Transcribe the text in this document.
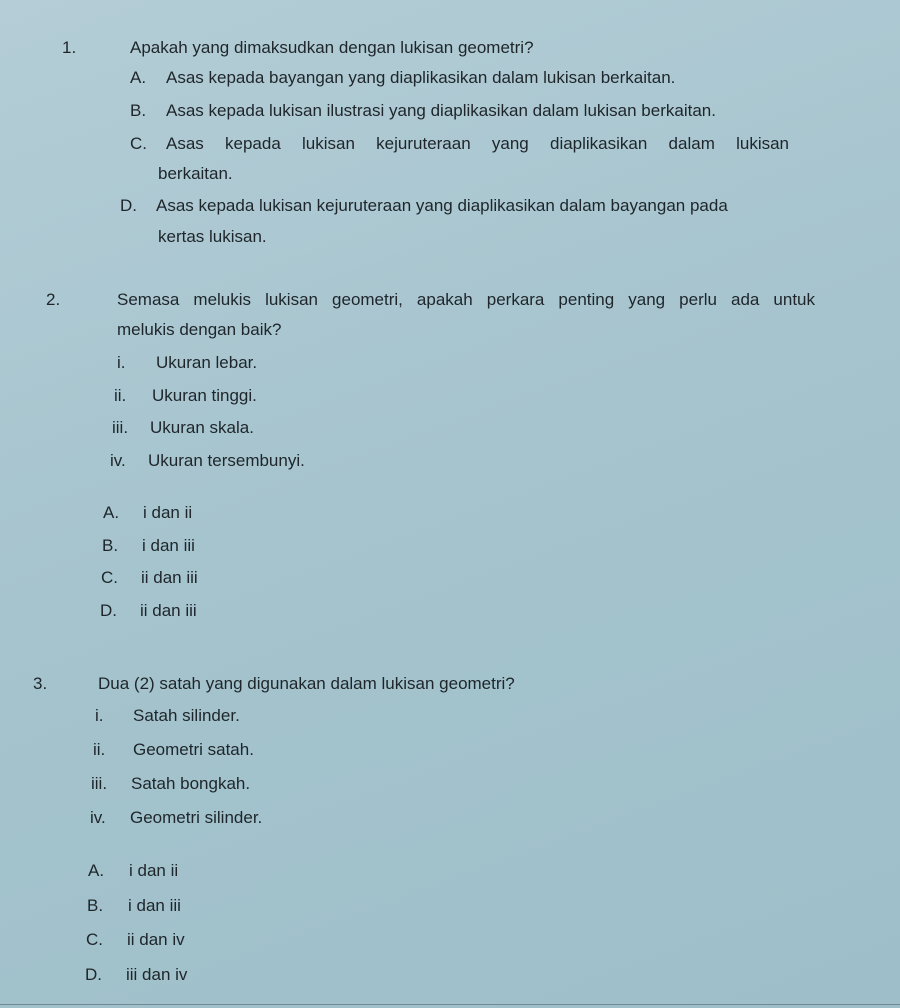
1.	Apakah yang dimaksudkan dengan lukisan geometri?
A. Asas kepada bayangan yang diaplikasikan dalam lukisan berkaitan.
B. Asas kepada lukisan ilustrasi yang diaplikasikan dalam lukisan berkaitan.
C. Asas kepada lukisan kejuruteraan yang diaplikasikan dalam lukisan
berkaitan.
D. Asas kepada lukisan kejuruteraan yang diaplikasikan dalam bayangan pada
kertas lukisan.
2.	Semasa melukis lukisan geometri, apakah perkara penting yang perlu ada untuk
melukis dengan baik?
i. Ukuran lebar.
ii. Ukuran tinggi.
iii. Ukuran skala.
iv. Ukuran tersembunyi.
A. i dan ii
B. i dan iii
C. ii dan iii
D. ii dan iii
3.	Dua (2) satah yang digunakan dalam lukisan geometri?
i. Satah silinder.
ii. Geometri satah.
iii. Satah bongkah.
iv. Geometri silinder.
A. i dan ii
B. i dan iii
C. ii dan iv
D. iii dan iv
